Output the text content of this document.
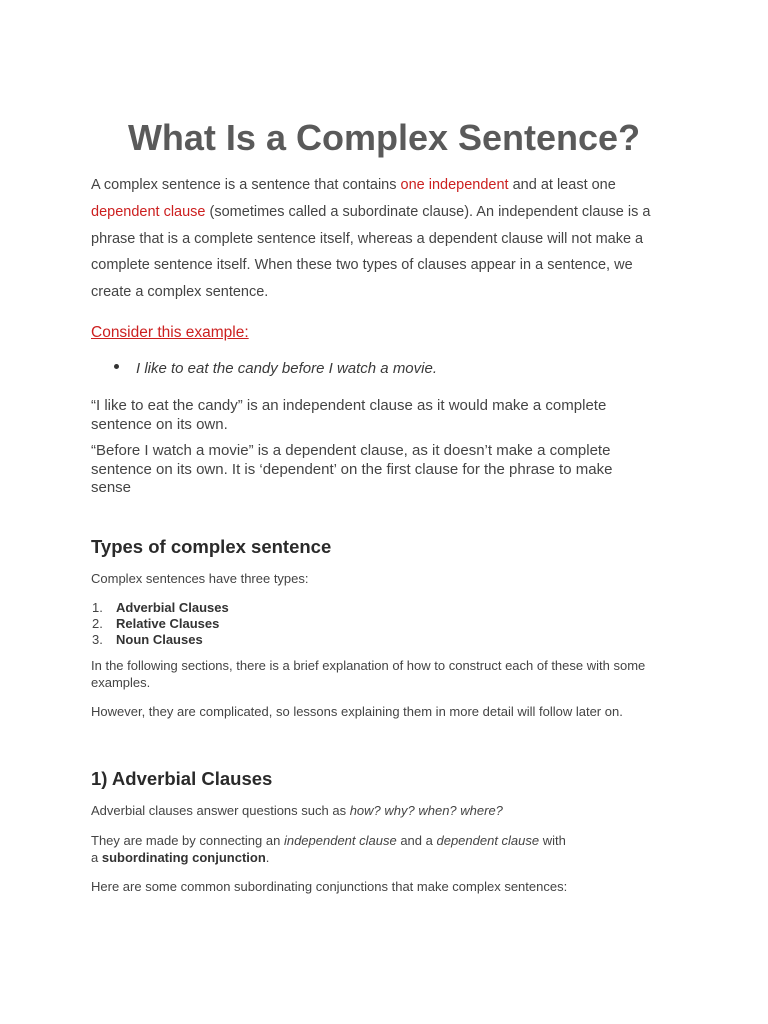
What Is a Complex Sentence?
A complex sentence is a sentence that contains one independent and at least one
dependent clause (sometimes called a subordinate clause). An independent clause is a
phrase that is a complete sentence itself, whereas a dependent clause will not make a
complete sentence itself. When these two types of clauses appear in a sentence, we
create a complex sentence.
Consider this example:
I like to eat the candy before I watch a movie.
“I like to eat the candy” is an independent clause as it would make a complete sentence on its own.
“Before I watch a movie” is a dependent clause, as it doesn’t make a complete sentence on its own. It is ‘dependent’ on the first clause for the phrase to make sense
Types of complex sentence
Complex sentences have three types:
1. Adverbial Clauses
2. Relative Clauses
3. Noun Clauses
In the following sections, there is a brief explanation of how to construct each of these with some examples.
However, they are complicated, so lessons explaining them in more detail will follow later on.
1) Adverbial Clauses
Adverbial clauses answer questions such as how? why? when? where?
They are made by connecting an independent clause and a dependent clause with
a subordinating conjunction.
Here are some common subordinating conjunctions that make complex sentences:
